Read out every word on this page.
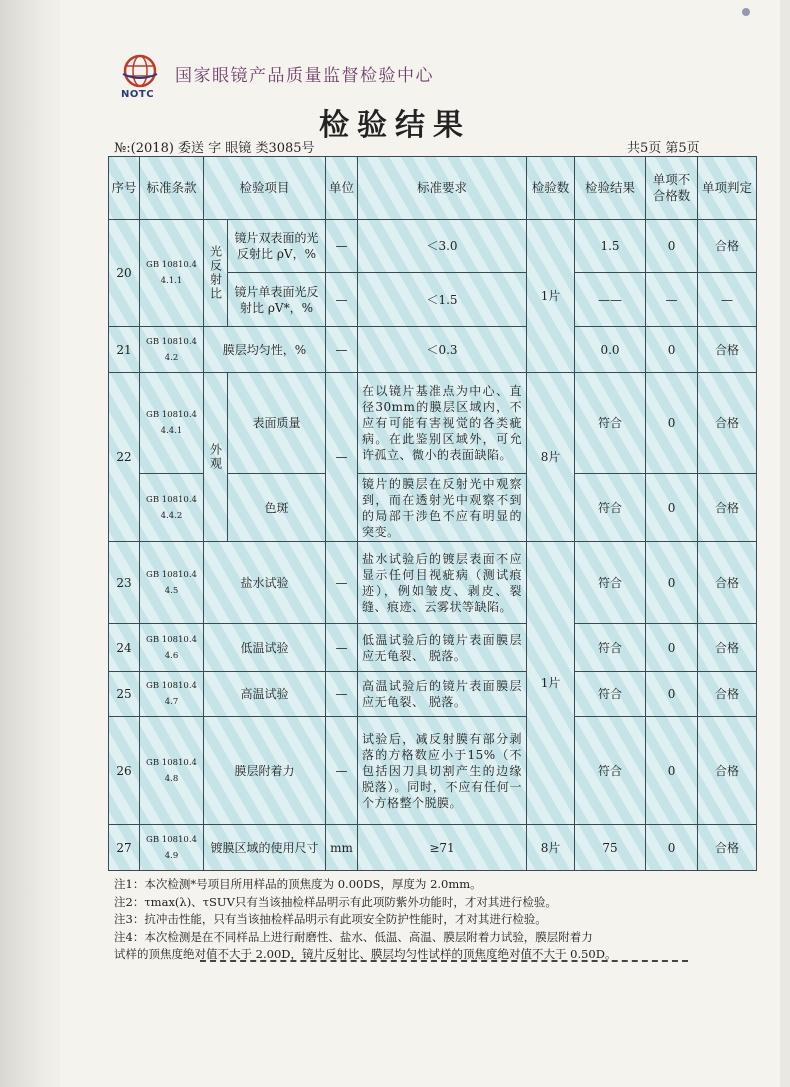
NOTC
国家眼镜产品质量监督检验中心
检验结果
№:(2018) 委送 字 眼镜 类3085号	共5页 第5页
序号	标准条款	检验项目		单位	标准要求	检验数	检验结果	单项不合格数	单项判定
20	GB 10810.4 4.1.1	光反射比	镜片双表面的光反射比 ρV，%	—	＜3.0	1片	1.5	0	合格
			镜片单表面光反射比 ρV*，%	—	＜1.5		——	—	—
21	GB 10810.4 4.2	膜层均匀性，%		—	＜0.3		0.0	0	合格
22	GB 10810.4 4.4.1	外观	表面质量	—	在以镜片基准点为中心、直径30mm的膜层区域内，不应有可能有害视觉的各类疵病。在此鉴别区域外，可允许孤立、微小的表面缺陷。	8片	符合	0	合格
	GB 10810.4 4.4.2		色斑		镜片的膜层在反射光中观察到，而在透射光中观察不到的局部干涉色不应有明显的突变。		符合	0	合格
23	GB 10810.4 4.5	盐水试验		—	盐水试验后的镀层表面不应显示任何目视疵病（测试痕迹），例如皱皮、剥皮、裂缝、痕迹、云雾状等缺陷。	1片	符合	0	合格
24	GB 10810.4 4.6	低温试验		—	低温试验后的镜片表面膜层应无龟裂、 脱落。		符合	0	合格
25	GB 10810.4 4.7	高温试验		—	高温试验后的镜片表面膜层应无龟裂、 脱落。		符合	0	合格
26	GB 10810.4 4.8	膜层附着力		—	试验后，减反射膜有部分剥落的方格数应小于15%（不包括因刀具切割产生的边缘脱落）。同时，不应有任何一个方格整个脱膜。		符合	0	合格
27	GB 10810.4 4.9	镀膜区域的使用尺寸		mm	≥71	8片	75	0	合格
注1：本次检测*号项目所用样品的顶焦度为 0.00DS，厚度为 2.0mm。
注2：τmax(λ)、τSUV只有当该抽检样品明示有此项防紫外功能时，才对其进行检验。
注3：抗冲击性能，只有当该抽检样品明示有此项安全防护性能时，才对其进行检验。
注4：本次检测是在不同样品上进行耐磨性、盐水、低温、高温、膜层附着力试验，膜层附着力
试样的顶焦度绝对值不大于 2.00D，镜片反射比、膜层均匀性试样的顶焦度绝对值不大于 0.50D。
